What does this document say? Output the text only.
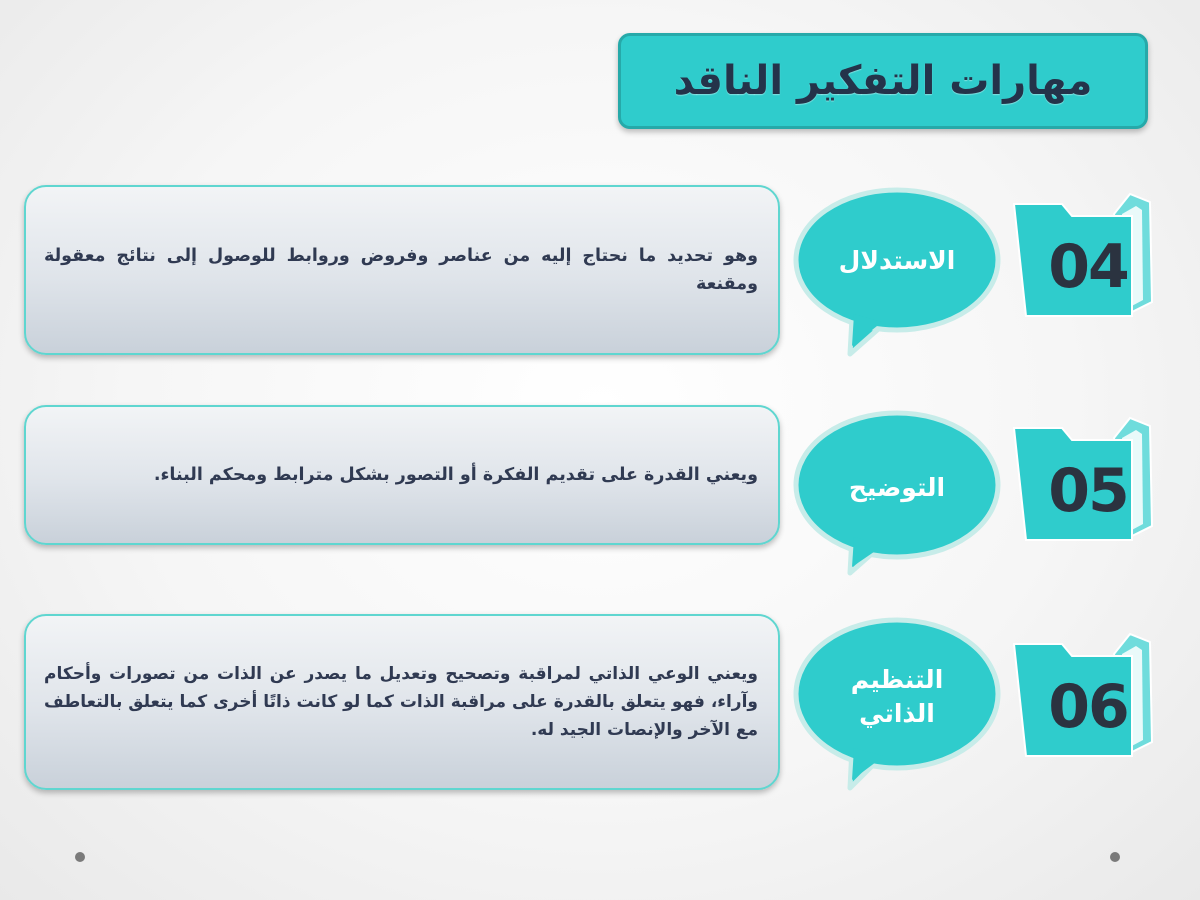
مهارات التفكير الناقد

وهو تحديد ما نحتاج إليه من عناصر وفروض وروابط للوصول إلى نتائج معقولة ومقنعة

الاستدلال	04

ويعني القدرة على تقديم الفكرة أو التصور بشكل مترابط ومحكم البناء.	التوضيح	05

ويعني الوعي الذاتي لمراقبة وتصحيح وتعديل ما يصدر عن الذات من تصورات وأحكام وآراء، فهو يتعلق بالقدرة على مراقبة الذات كما لو كانت ذاتًا أخرى كما يتعلق بالتعاطف مع الآخر والإنصات الجيد له.

التنظيم الذاتي	06
